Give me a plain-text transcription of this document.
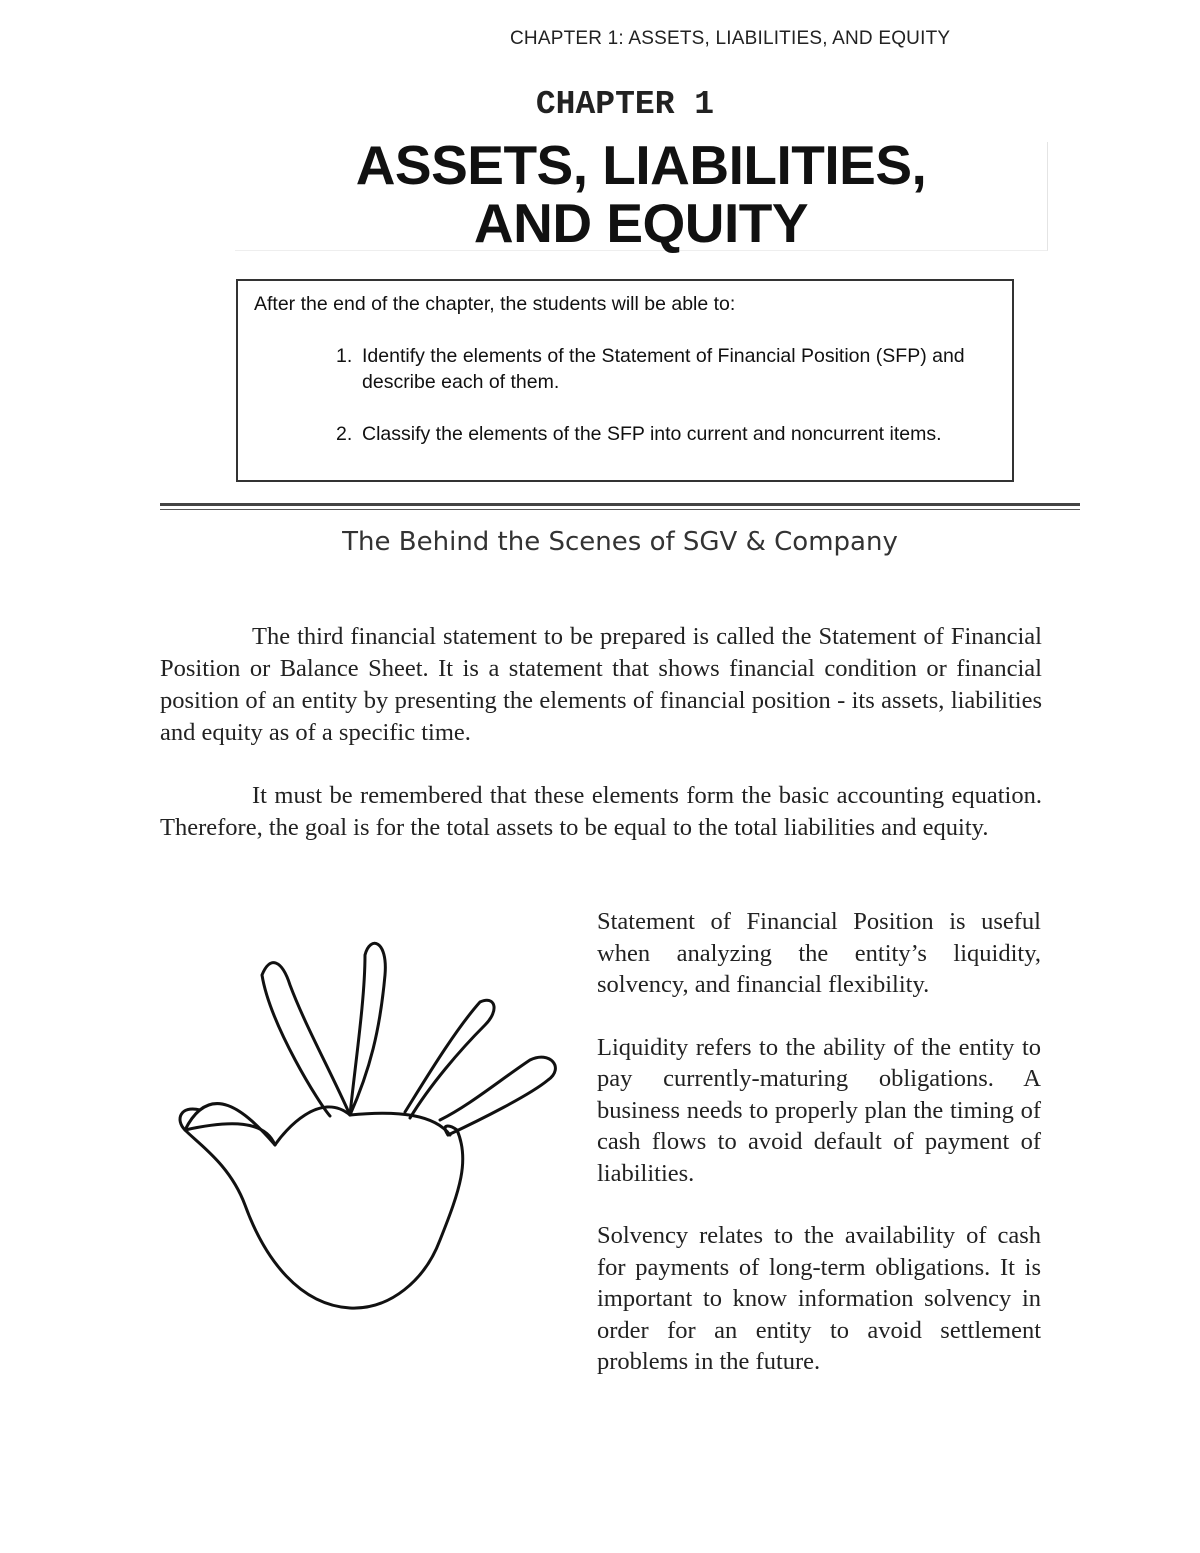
CHAPTER 1: ASSETS, LIABILITIES, AND EQUITY
CHAPTER 1
ASSETS, LIABILITIES,
AND EQUITY
After the end of the chapter, the students will be able to:
1. Identify the elements of the Statement of Financial Position (SFP) and describe each of them.
2. Classify the elements of the SFP into current and noncurrent items.
The Behind the Scenes of SGV & Company

The third financial statement to be prepared is called the Statement of Financial Position or Balance Sheet. It is a statement that shows financial condition or financial position of an entity by presenting the elements of financial position - its assets, liabilities and equity as of a specific time.

It must be remembered that these elements form the basic accounting equation. Therefore, the goal is for the total assets to be equal to the total liabilities and equity.

Statement of Financial Position is useful when analyzing the entity’s liquidity, solvency, and financial flexibility.

Liquidity refers to the ability of the entity to pay currently-maturing obligations. A business needs to properly plan the timing of cash flows to avoid default of payment of liabilities.

Solvency relates to the availability of cash for payments of long-term obligations. It is important to know information solvency in order for an entity to avoid settlement problems in the future.
